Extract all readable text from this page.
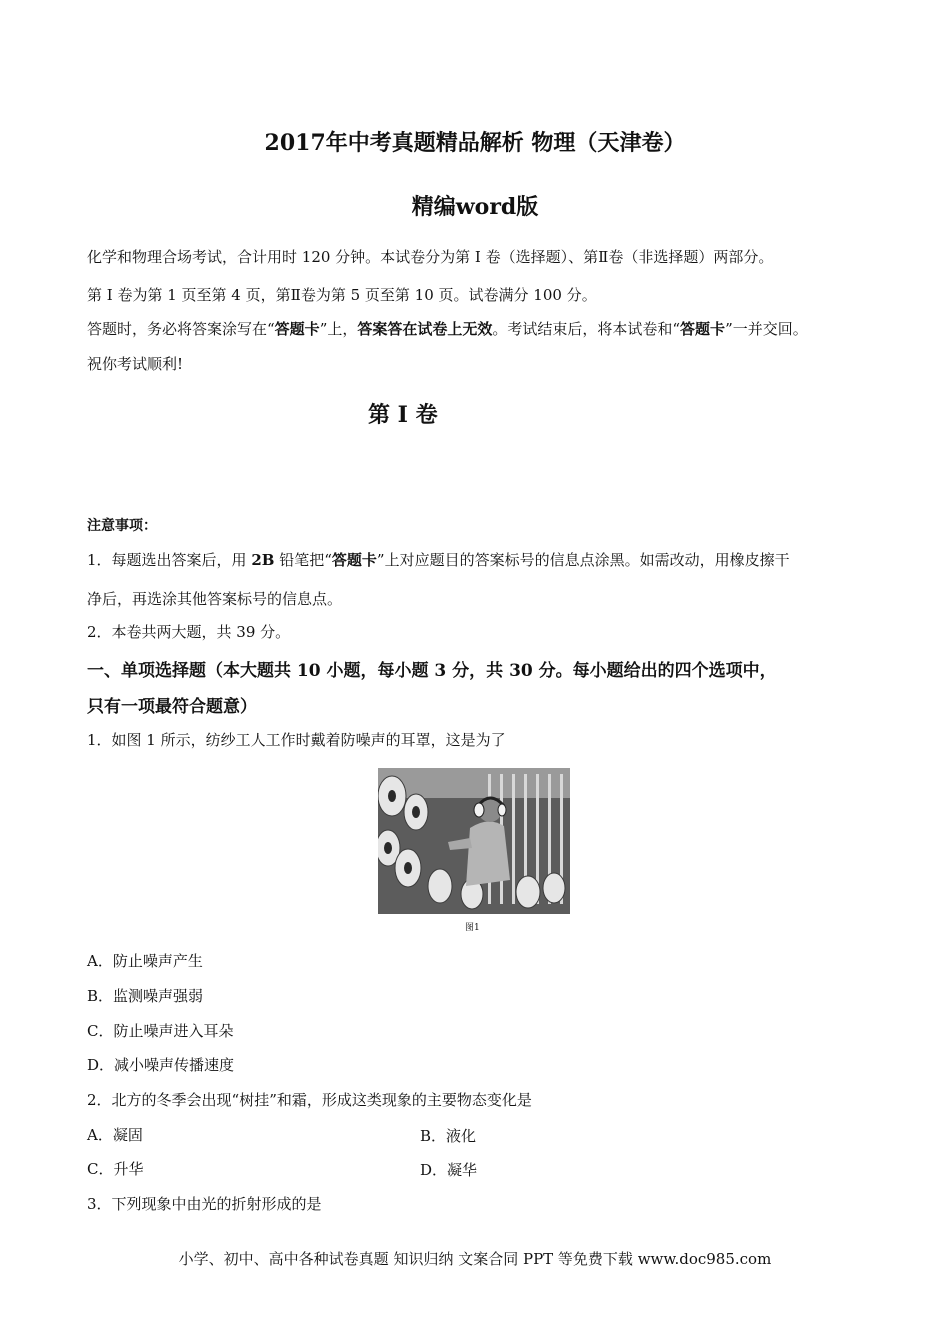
2017年中考真题精品解析 物理（天津卷）
精编word版
化学和物理合场考试，合计用时 120 分钟。本试卷分为第 I 卷（选择题）、第Ⅱ卷（非选择题）两部分。
第 I 卷为第 1 页至第 4 页，第Ⅱ卷为第 5 页至第 10 页。试卷满分 100 分。
答题时，务必将答案涂写在“答题卡”上，答案答在试卷上无效。考试结束后，将本试卷和“答题卡”一并交回。
祝你考试顺利!
第 I 卷
注意事项：
1．每题选出答案后，用 2B 铅笔把“答题卡”上对应题目的答案标号的信息点涂黑。如需改动，用橡皮擦干
净后，再选涂其他答案标号的信息点。
2．本卷共两大题，共 39 分。
一、单项选择题（本大题共 10 小题，每小题 3 分，共 30 分。每小题给出的四个选项中，
只有一项最符合题意）
1．如图 1 所示，纺纱工人工作时戴着防噪声的耳罩，这是为了
图1
A．防止噪声产生
B．监测噪声强弱
C．防止噪声进入耳朵
D．减小噪声传播速度
2．北方的冬季会出现“树挂”和霜，形成这类现象的主要物态变化是
A．凝固	B．液化
C．升华	D．凝华
3．下列现象中由光的折射形成的是
小学、初中、高中各种试卷真题 知识归纳 文案合同 PPT 等免费下载 www.doc985.com
